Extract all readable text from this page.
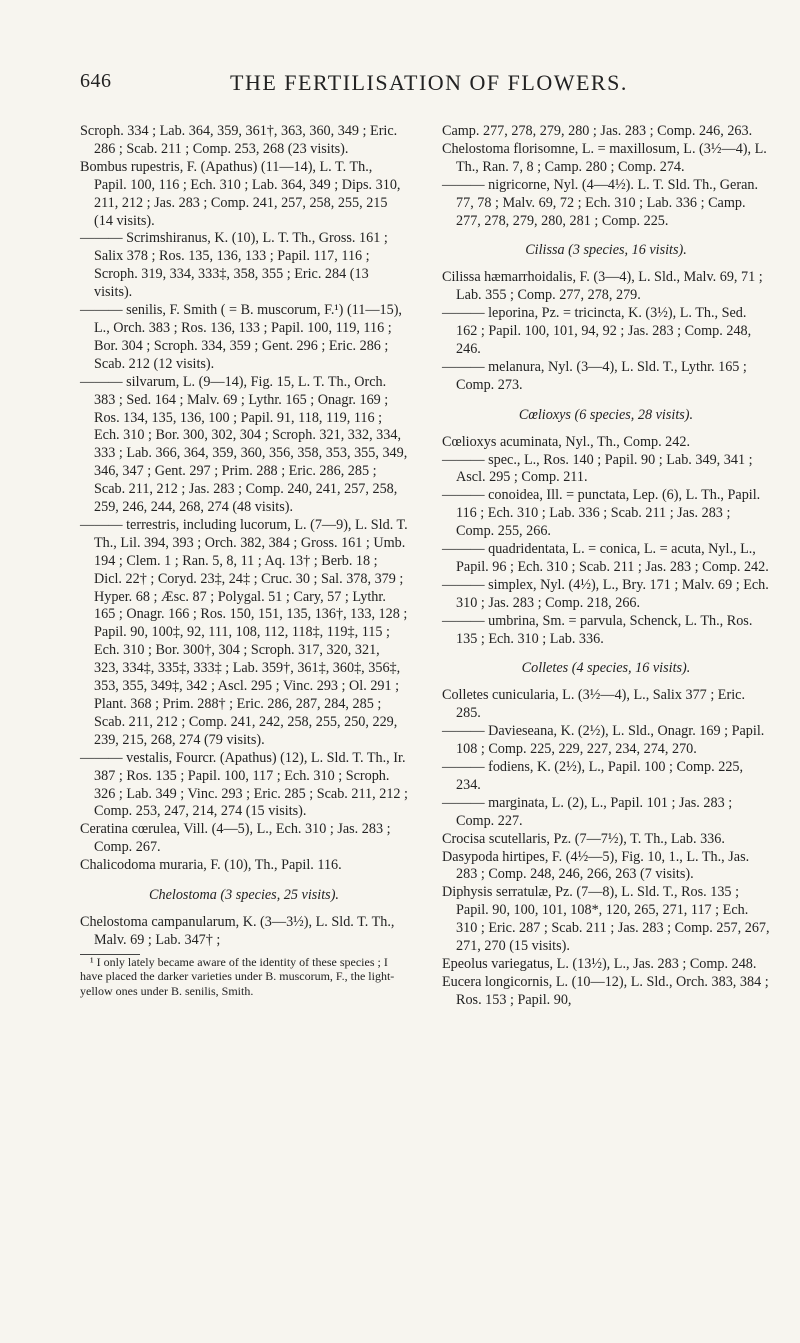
646	THE FERTILISATION OF FLOWERS.

Scroph. 334 ; Lab. 364, 359, 361†, 363, 360, 349 ; Eric. 286 ; Scab. 211 ; Comp. 253, 268 (23 visits).

Bombus rupestris, F. (Apathus) (11—14), L. T. Th., Papil. 100, 116 ; Ech. 310 ; Lab. 364, 349 ; Dips. 310, 211, 212 ; Jas. 283 ; Comp. 241, 257, 258, 255, 215 (14 visits).

——— Scrimshiranus, K. (10), L. T. Th., Gross. 161 ; Salix 378 ; Ros. 135, 136, 133 ; Papil. 117, 116 ; Scroph. 319, 334, 333‡, 358, 355 ; Eric. 284 (13 visits).

——— senilis, F. Smith ( = B. muscorum, F.¹) (11—15), L., Orch. 383 ; Ros. 136, 133 ; Papil. 100, 119, 116 ; Bor. 304 ; Scroph. 334, 359 ; Gent. 296 ; Eric. 286 ; Scab. 212 (12 visits).

——— silvarum, L. (9—14), Fig. 15, L. T. Th., Orch. 383 ; Sed. 164 ; Malv. 69 ; Lythr. 165 ; Onagr. 169 ; Ros. 134, 135, 136, 100 ; Papil. 91, 118, 119, 116 ; Ech. 310 ; Bor. 300, 302, 304 ; Scroph. 321, 332, 334, 333 ; Lab. 366, 364, 359, 360, 356, 358, 353, 355, 349, 346, 347 ; Gent. 297 ; Prim. 288 ; Eric. 286, 285 ; Scab. 211, 212 ; Jas. 283 ; Comp. 240, 241, 257, 258, 259, 246, 244, 268, 274 (48 visits).

——— terrestris, including lucorum, L. (7—9), L. Sld. T. Th., Lil. 394, 393 ; Orch. 382, 384 ; Gross. 161 ; Umb. 194 ; Clem. 1 ; Ran. 5, 8, 11 ; Aq. 13† ; Berb. 18 ; Dicl. 22† ; Coryd. 23‡, 24‡ ; Cruc. 30 ; Sal. 378, 379 ; Hyper. 68 ; Æsc. 87 ; Polygal. 51 ; Cary, 57 ; Lythr. 165 ; Onagr. 166 ; Ros. 150, 151, 135, 136†, 133, 128 ; Papil. 90, 100‡, 92, 111, 108, 112, 118‡, 119‡, 115 ; Ech. 310 ; Bor. 300†, 304 ; Scroph. 317, 320, 321, 323, 334‡, 335‡, 333‡ ; Lab. 359†, 361‡, 360‡, 356‡, 353, 355, 349‡, 342 ; Ascl. 295 ; Vinc. 293 ; Ol. 291 ; Plant. 368 ; Prim. 288† ; Eric. 286, 287, 284, 285 ; Scab. 211, 212 ; Comp. 241, 242, 258, 255, 250, 229, 239, 215, 268, 274 (79 visits).

——— vestalis, Fourcr. (Apathus) (12), L. Sld. T. Th., Ir. 387 ; Ros. 135 ; Papil. 100, 117 ; Ech. 310 ; Scroph. 326 ; Lab. 349 ; Vinc. 293 ; Eric. 285 ; Scab. 211, 212 ; Comp. 253, 247, 214, 274 (15 visits).

Ceratina cœrulea, Vill. (4—5), L., Ech. 310 ; Jas. 283 ; Comp. 267.

Chalicodoma muraria, F. (10), Th., Papil. 116.

Chelostoma (3 species, 25 visits).

Chelostoma campanularum, K. (3—3½), L. Sld. T. Th., Malv. 69 ; Lab. 347† ;

¹ I only lately became aware of the identity of these species ; I have placed the darker varieties under B. muscorum, F., the light-yellow ones under B. senilis, Smith.

Camp. 277, 278, 279, 280 ; Jas. 283 ; Comp. 246, 263.

Chelostoma florisomne, L. = maxillosum, L. (3½—4), L. Th., Ran. 7, 8 ; Camp. 280 ; Comp. 274.

——— nigricorne, Nyl. (4—4½). L. T. Sld. Th., Geran. 77, 78 ; Malv. 69, 72 ; Ech. 310 ; Lab. 336 ; Camp. 277, 278, 279, 280, 281 ; Comp. 225.

Cilissa (3 species, 16 visits).

Cilissa hæmarrhoidalis, F. (3—4), L. Sld., Malv. 69, 71 ; Lab. 355 ; Comp. 277, 278, 279.

——— leporina, Pz. = tricincta, K. (3½), L. Th., Sed. 162 ; Papil. 100, 101, 94, 92 ; Jas. 283 ; Comp. 248, 246.

——— melanura, Nyl. (3—4), L. Sld. T., Lythr. 165 ; Comp. 273.

Cœlioxys (6 species, 28 visits).

Cœlioxys acuminata, Nyl., Th., Comp. 242.

——— spec., L., Ros. 140 ; Papil. 90 ; Lab. 349, 341 ; Ascl. 295 ; Comp. 211.

——— conoidea, Ill. = punctata, Lep. (6), L. Th., Papil. 116 ; Ech. 310 ; Lab. 336 ; Scab. 211 ; Jas. 283 ; Comp. 255, 266.

——— quadridentata, L. = conica, L. = acuta, Nyl., L., Papil. 96 ; Ech. 310 ; Scab. 211 ; Jas. 283 ; Comp. 242.

——— simplex, Nyl. (4½), L., Bry. 171 ; Malv. 69 ; Ech. 310 ; Jas. 283 ; Comp. 218, 266.

——— umbrina, Sm. = parvula, Schenck, L. Th., Ros. 135 ; Ech. 310 ; Lab. 336.

Colletes (4 species, 16 visits).

Colletes cunicularia, L. (3½—4), L., Salix 377 ; Eric. 285.

——— Davieseana, K. (2½), L. Sld., Onagr. 169 ; Papil. 108 ; Comp. 225, 229, 227, 234, 274, 270.

——— fodiens, K. (2½), L., Papil. 100 ; Comp. 225, 234.

——— marginata, L. (2), L., Papil. 101 ; Jas. 283 ; Comp. 227.

Crocisa scutellaris, Pz. (7—7½), T. Th., Lab. 336.

Dasypoda hirtipes, F. (4½—5), Fig. 10, 1., L. Th., Jas. 283 ; Comp. 248, 246, 266, 263 (7 visits).

Diphysis serratulæ, Pz. (7—8), L. Sld. T., Ros. 135 ; Papil. 90, 100, 101, 108*, 120, 265, 271, 117 ; Ech. 310 ; Eric. 287 ; Scab. 211 ; Jas. 283 ; Comp. 257, 267, 271, 270 (15 visits).

Epeolus variegatus, L. (13½), L., Jas. 283 ; Comp. 248.

Eucera longicornis, L. (10—12), L. Sld., Orch. 383, 384 ; Ros. 153 ; Papil. 90,
